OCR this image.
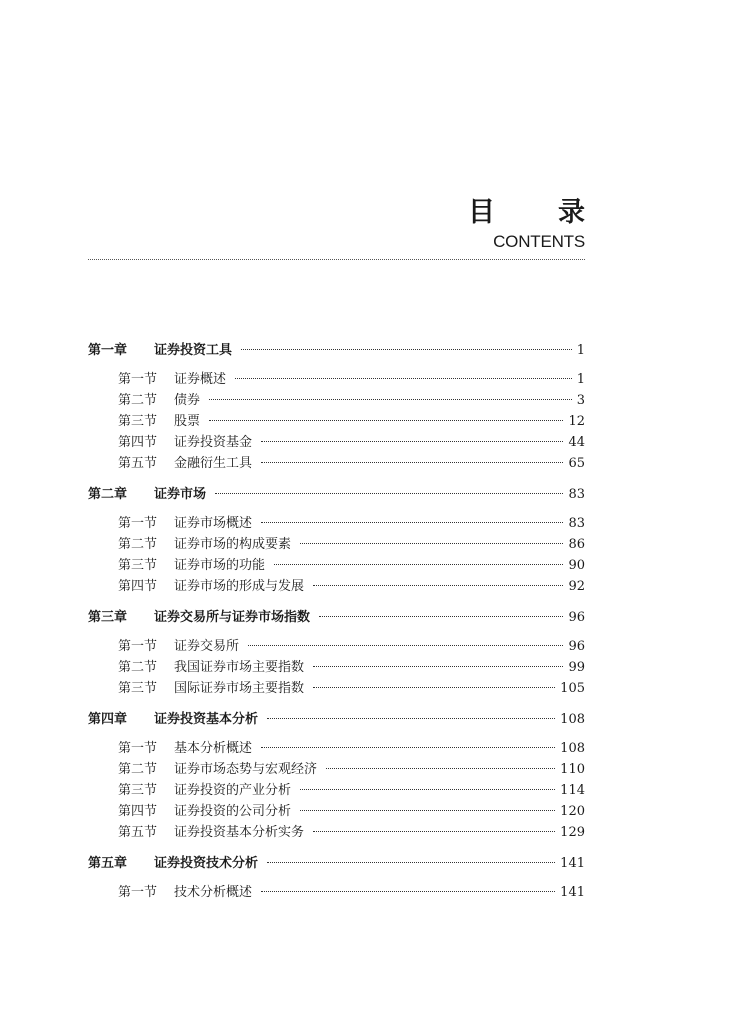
目　录
CONTENTS
第一章	证券投资工具	1
第一节	证券概述	1
第二节	债券	3
第三节	股票	12
第四节	证券投资基金	44
第五节	金融衍生工具	65
第二章	证券市场	83
第一节	证券市场概述	83
第二节	证券市场的构成要素	86
第三节	证券市场的功能	90
第四节	证券市场的形成与发展	92
第三章	证券交易所与证券市场指数	96
第一节	证券交易所	96
第二节	我国证券市场主要指数	99
第三节	国际证券市场主要指数	105
第四章	证券投资基本分析	108
第一节	基本分析概述	108
第二节	证券市场态势与宏观经济	110
第三节	证券投资的产业分析	114
第四节	证券投资的公司分析	120
第五节	证券投资基本分析实务	129
第五章	证券投资技术分析	141
第一节	技术分析概述	141
